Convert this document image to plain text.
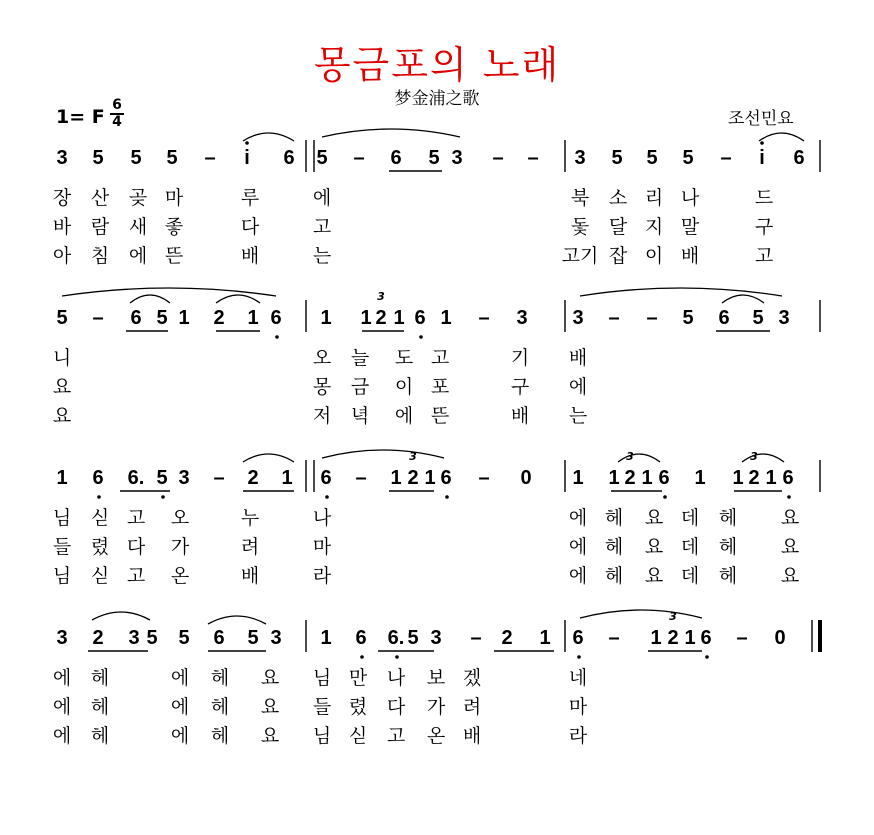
몽금포의 노래
梦金浦之歌
1= F
6
4	조선민요
3 5 5 5 –	i	6 5 – 6 5 3 – – 3 5 5 5 –	i	6
장 산 곶 마	루	에	북 소 리 나	드
바 람 새 좋	다	고	돛 달 지 말	구
아 침 에 뜬	배	는	고기 잡 이 배	고
5 – 6 5 1 2 1 6 1 1 2 1 6 1 – 3 3 – – 5 6 5 3
니	오 늘 도 고	기 배
요	몽 금 이 포	구 에
요	저 녁 에 뜬	배 는
1 6 6. 5 3 – 2 1 6 – 1 2 1 6 – 0 1 1 2 1 6 1 1 2 1 6
님 싣 고 오	누	나	에 헤 요 데 헤 요
들 렸 다 가	려	마	에 헤 요 데 헤 요
님 싣 고 온	배	라	에 헤 요 데 헤 요
3 2 3 5 5 6 5 3 1 6 6. 5 3 – 2 1 6 – 1 2 1 6 – 0
에 헤	에 헤 요 님 만 나 보 겠	네
에 헤	에 헤 요 들 렸 다 가 려	마
에 헤	에 헤 요 님 싣 고 온 배	라
3
3	3	3
3
